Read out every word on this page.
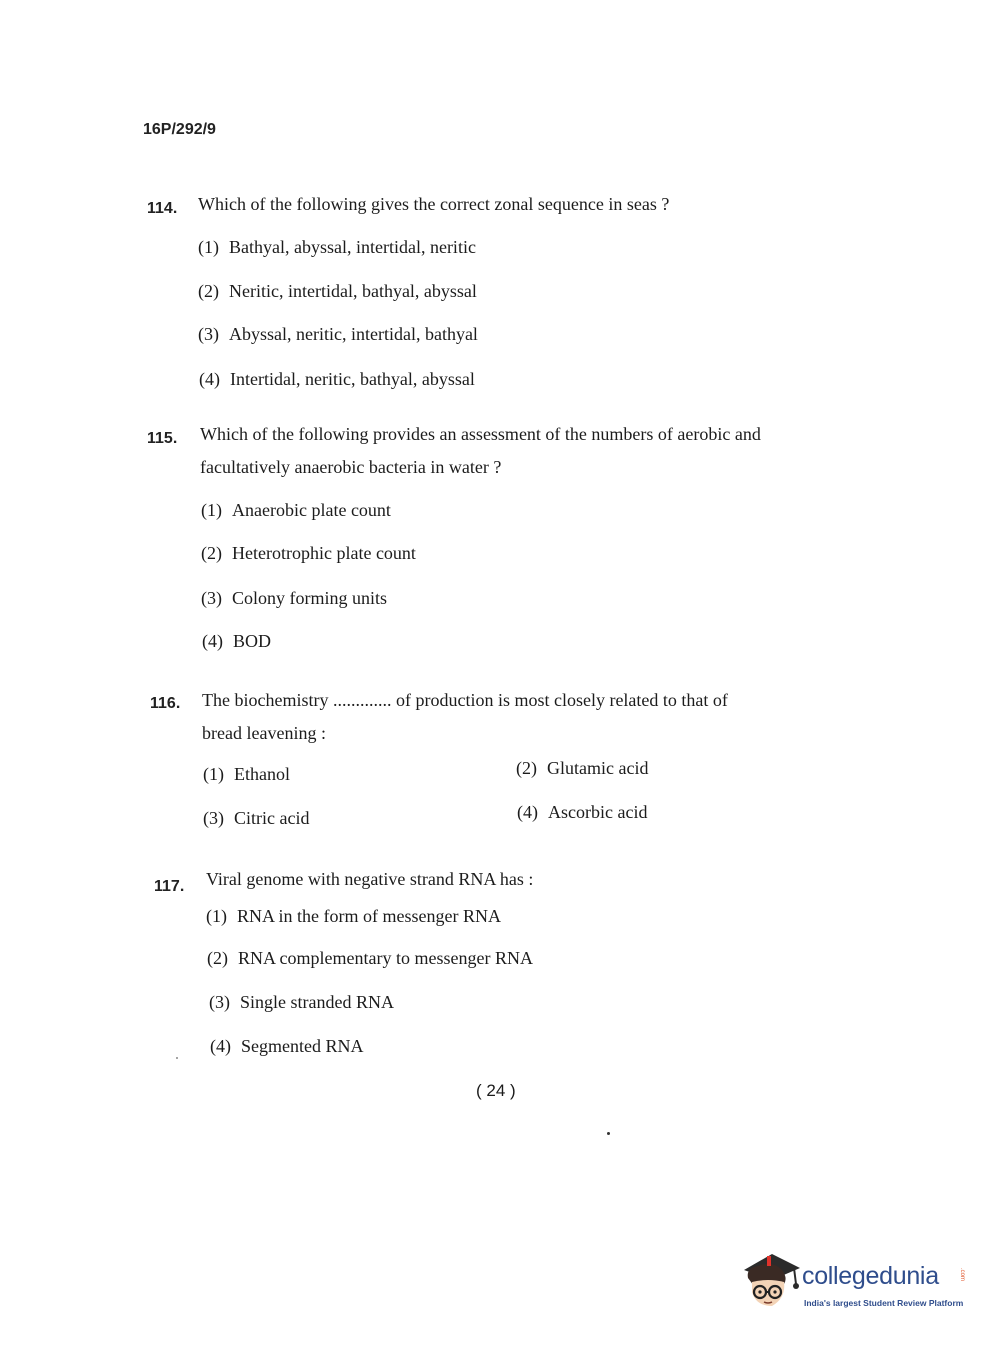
16P/292/9
114. Which of the following gives the correct zonal sequence in seas ?
(1) Bathyal, abyssal, intertidal, neritic
(2) Neritic, intertidal, bathyal, abyssal
(3) Abyssal, neritic, intertidal, bathyal
(4) Intertidal, neritic, bathyal, abyssal
115. Which of the following provides an assessment of the numbers of aerobic and
facultatively anaerobic bacteria in water ?
(1) Anaerobic plate count
(2) Heterotrophic plate count
(3) Colony forming units
(4) BOD
116. The biochemistry ............. of production is most closely related to that of
bread leavening :
(1) Ethanol	(2) Glutamic acid
(3) Citric acid	(4) Ascorbic acid
117. Viral genome with negative strand RNA has :
(1) RNA in the form of messenger RNA
(2) RNA complementary to messenger RNA
(3) Single stranded RNA
(4) Segmented RNA
( 24 )
collegedunia	.com
India's largest Student Review Platform
